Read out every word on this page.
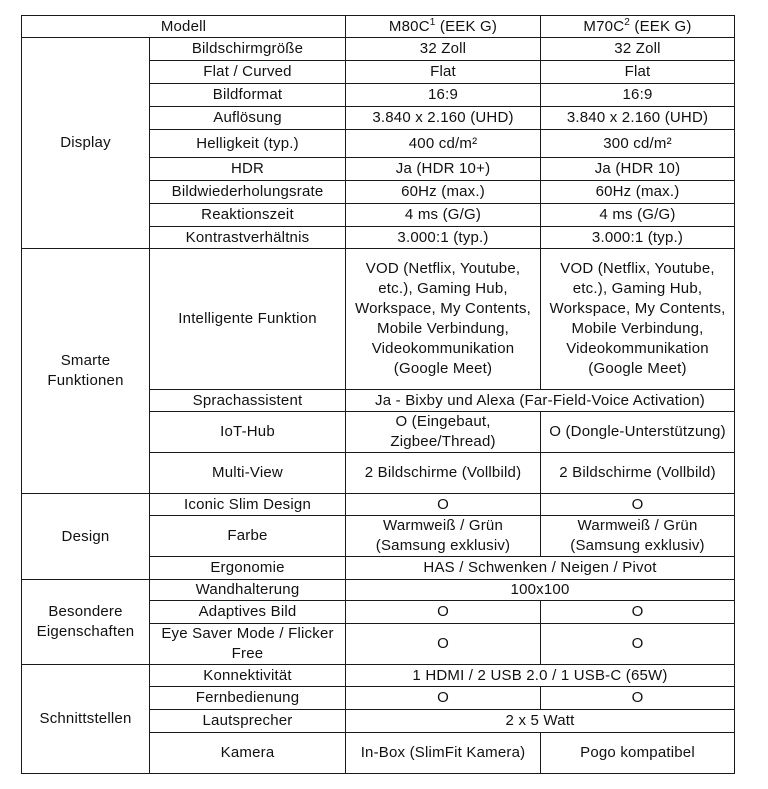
Modell		$M80C^1$ (EEK G)	$M70C^2$ (EEK G)
Display	Bildschirmgröße	32 Zoll	32 Zoll
	Flat / Curved	Flat	Flat
	Bildformat	16:9	16:9
	Auflösung	3.840 x 2.160 (UHD)	3.840 x 2.160 (UHD)
	Helligkeit (typ.)	400 cd/m²	300 cd/m²
	HDR	Ja (HDR 10+)	Ja (HDR 10)
	Bildwiederholungsrate	60Hz (max.)	60Hz (max.)
	Reaktionszeit	4 ms (G/G)	4 ms (G/G)
	Kontrastverhältnis	3.000:1 (typ.)	3.000:1 (typ.)
Smarte Funktionen	Intelligente Funktion	VOD (Netflix, Youtube, etc.), Gaming Hub, Workspace, My Contents, Mobile Verbindung, Videokommunikation (Google Meet)	VOD (Netflix, Youtube, etc.), Gaming Hub, Workspace, My Contents, Mobile Verbindung, Videokommunikation (Google Meet)
	Sprachassistent	Ja - Bixby und Alexa (Far-Field-Voice Activation)	
	IoT-Hub	O (Eingebaut, Zigbee/Thread)	O (Dongle-Unterstützung)
	Multi-View	2 Bildschirme (Vollbild)	2 Bildschirme (Vollbild)
Design	Iconic Slim Design	O	O
	Farbe	Warmweiß / Grün (Samsung exklusiv)	Warmweiß / Grün (Samsung exklusiv)
	Ergonomie	HAS / Schwenken / Neigen / Pivot	
Besondere Eigenschaften	Wandhalterung	100x100	
	Adaptives Bild	O	O
	Eye Saver Mode / Flicker Free	O	O
Schnittstellen	Konnektivität	1 HDMI / 2 USB 2.0 / 1 USB-C (65W)	
	Fernbedienung	O	O
	Lautsprecher	2 x 5 Watt	
	Kamera	In-Box (SlimFit Kamera)	Pogo kompatibel
